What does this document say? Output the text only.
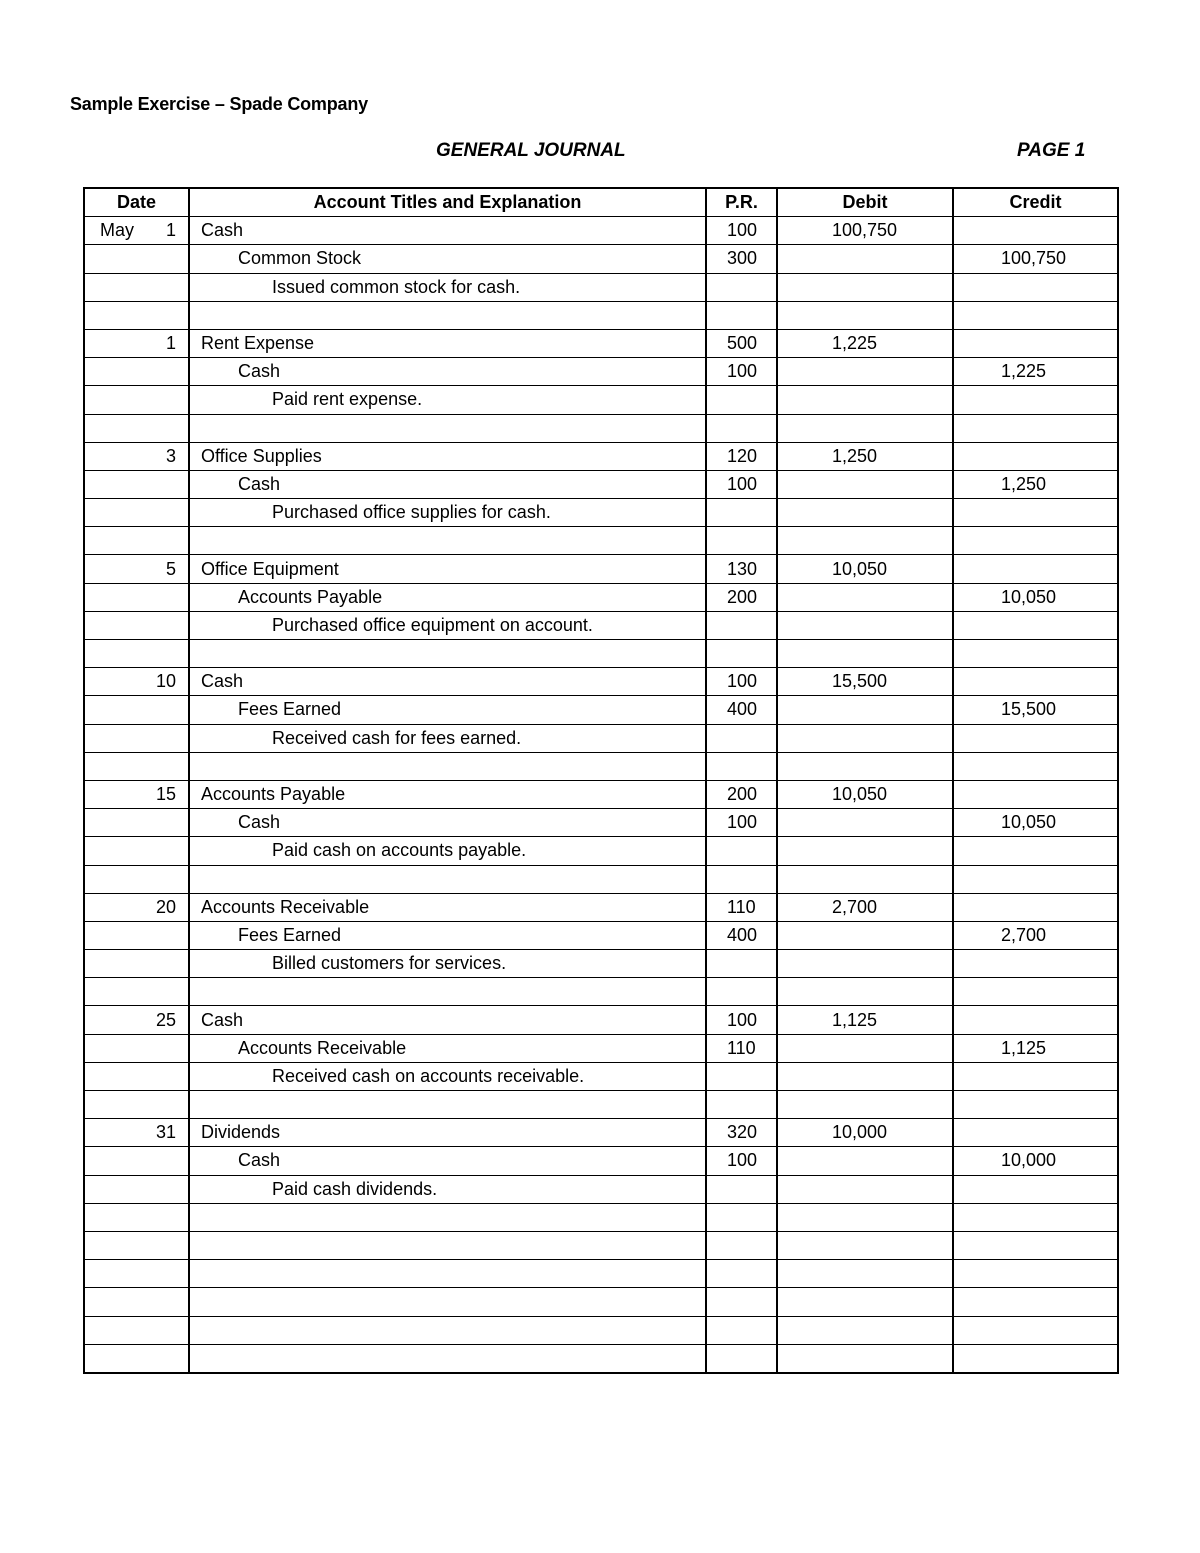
Sample Exercise – Spade Company
GENERAL JOURNAL	PAGE 1
Date	Account Titles and Explanation	P.R.	Debit	Credit

May 1	Cash	100	100,750	
	Common Stock	300		100,750
	Issued common stock for cash.			

1	Rent Expense	500	1,225	
	Cash	100		1,225
	Paid rent expense.			

3	Office Supplies	120	1,250	
	Cash	100		1,250
	Purchased office supplies for cash.			

5	Office Equipment	130	10,050	
	Accounts Payable	200		10,050
	Purchased office equipment on account.			

10	Cash	100	15,500	
	Fees Earned	400		15,500
	Received cash for fees earned.			

15	Accounts Payable	200	10,050	
	Cash	100		10,050
	Paid cash on accounts payable.			

20	Accounts Receivable	110	2,700	
	Fees Earned	400		2,700
	Billed customers for services.			

25	Cash	100	1,125	
	Accounts Receivable	110		1,125
	Received cash on accounts receivable.			

31	Dividends	320	10,000	
	Cash	100		10,000
	Paid cash dividends.			
